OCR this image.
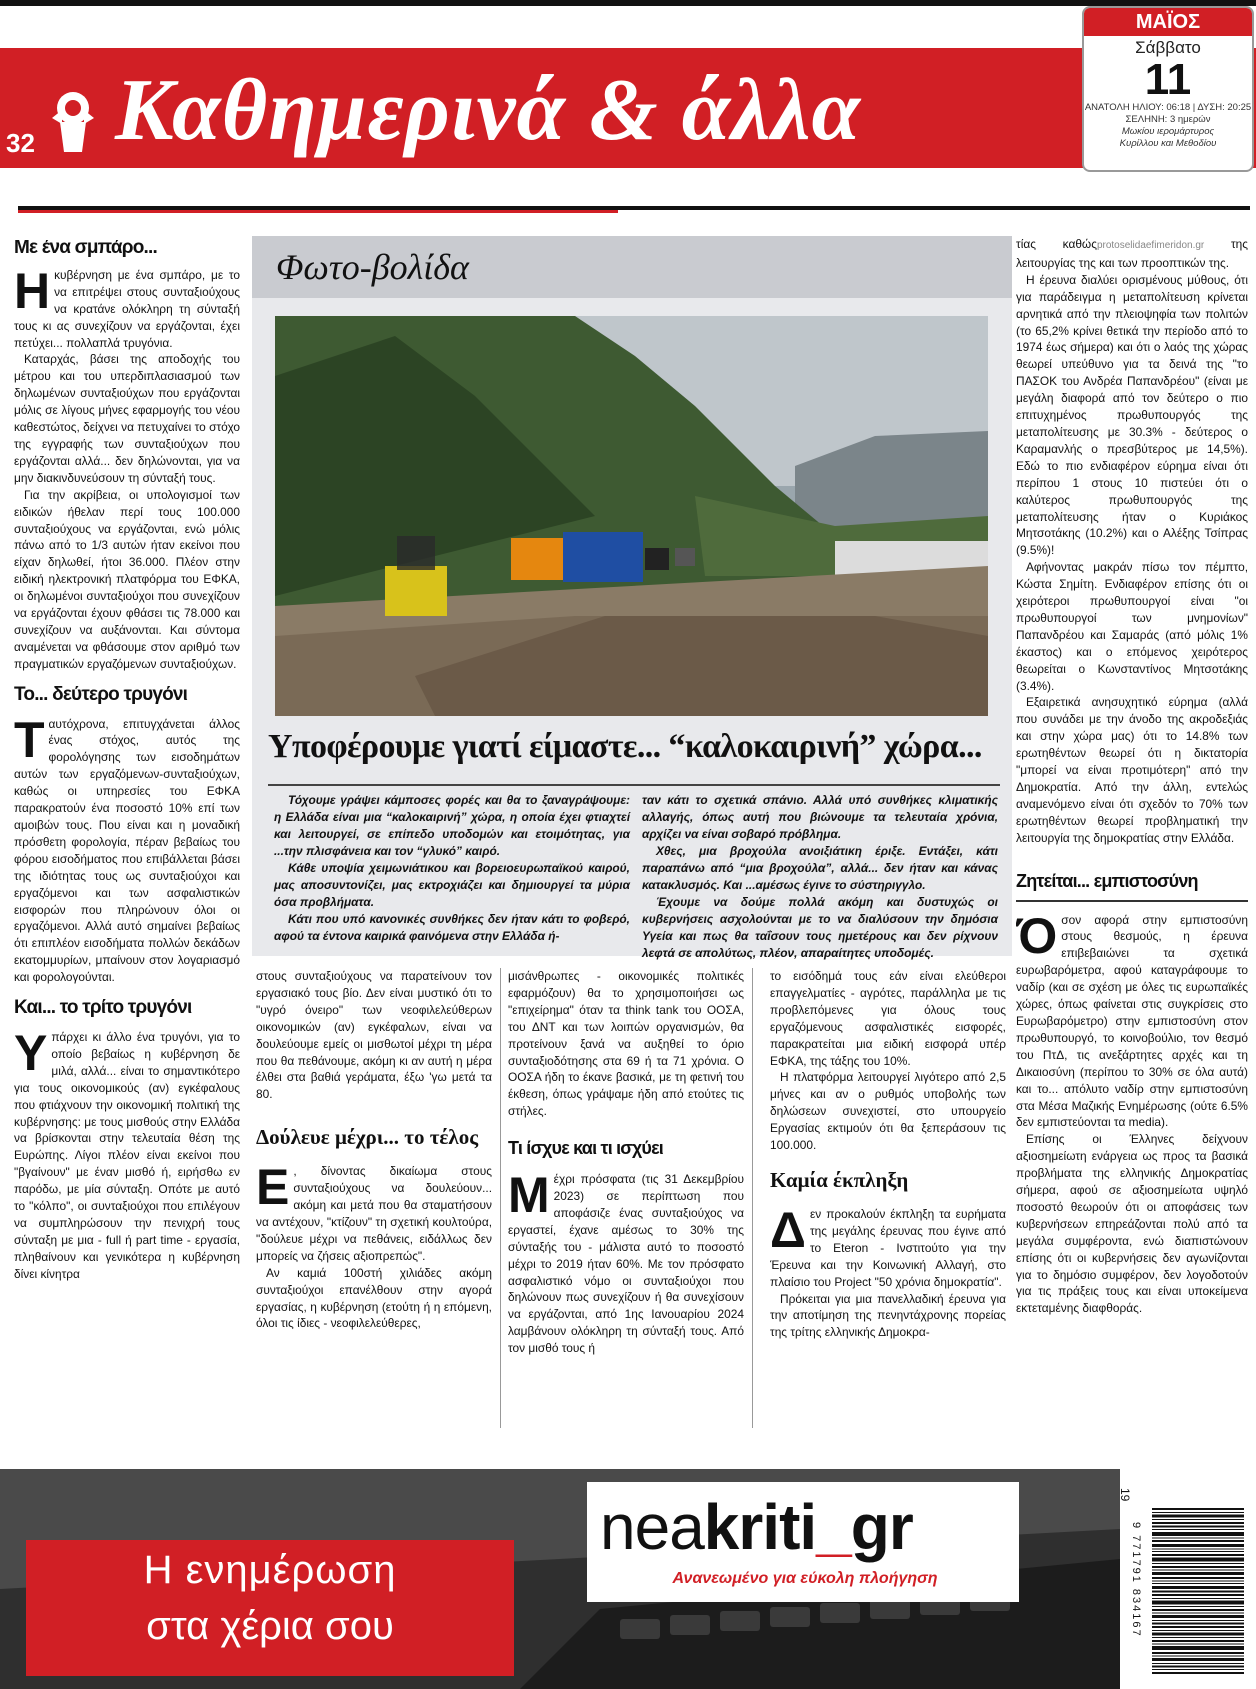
32 Καθημερινά & άλλα
ΜΑΪΟΣ
Σάββατο
11
ΑΝΑΤΟΛΗ ΗΛΙΟΥ: 06:18 | ΔΥΣΗ: 20:25
ΣΕΛΗΝΗ: 3 ημερών
Μωκίου ιερομάρτυρος
Κυρίλλου και Μεθοδίου
Με ένα σμπάρο...

Ηκυβέρνηση με ένα σμπάρο, με το να επιτρέψει στους συνταξιούχους να κρατάνε ολόκληρη τη σύνταξή τους κι ας συνεχίζουν να εργάζονται, έχει πετύχει... πολλαπλά τρυγόνια.

Καταρχάς, βάσει της αποδοχής του μέτρου και του υπερδιπλασιασμού των δηλωμένων συνταξιούχων που εργάζονται μόλις σε λίγους μήνες εφαρμογής του νέου καθεστώτος, δείχνει να πετυχαίνει το στόχο της εγγραφής των συνταξιούχων που εργάζονται αλλά... δεν δηλώνονται, για να μην διακινδυνεύσουν τη σύνταξή τους.

Για την ακρίβεια, οι υπολογισμοί των ειδικών ήθελαν περί τους 100.000 συνταξιούχους να εργάζονται, ενώ μόλις πάνω από το 1/3 αυτών ήταν εκείνοι που είχαν δηλωθεί, ήτοι 36.000. Πλέον στην ειδική ηλεκτρονική πλατφόρμα του ΕΦΚΑ, οι δηλωμένοι συνταξιούχοι που συνεχίζουν να εργάζονται έχουν φθάσει τις 78.000 και συνεχίζουν να αυξάνονται. Και σύντομα αναμένεται να φθάσουμε στον αριθμό των πραγματικών εργαζόμενων συνταξιούχων.

Το... δεύτερο τρυγόνι

Ταυτόχρονα, επιτυγχάνεται άλλος ένας στόχος, αυτός της φορολόγησης των εισοδημάτων αυτών των εργαζόμενων-συνταξιούχων, καθώς οι υπηρεσίες του ΕΦΚΑ παρακρατούν ένα ποσοστό 10% επί των αμοιβών τους. Που είναι και η μοναδική πρόσθετη φορολογία, πέραν βεβαίως του φόρου εισοδήματος που επιβάλλεται βάσει της ιδιότητας τους ως συνταξιούχοι και εργαζόμενοι και των ασφαλιστικών εισφορών που πληρώνουν όλοι οι εργαζόμενοι. Αλλά αυτό σημαίνει βεβαίως ότι επιπλέον εισοδήματα πολλών δεκάδων εκατομμυρίων, μπαίνουν στον λογαριασμό και φορολογούνται.

Και... το τρίτο τρυγόνι

Υπάρχει κι άλλο ένα τρυγόνι, για το οποίο βεβαίως η κυβέρνηση δε μιλά, αλλά... είναι το σημαντικότερο για τους οικονομικούς (αν) εγκέφαλους που φτιάχνουν την οικονομική πολιτική της κυβέρνησης: με τους μισθούς στην Ελλάδα να βρίσκονται στην τελευταία θέση της Ευρώπης. Λίγοι πλέον είναι εκείνοι που "βγαίνουν" με έναν μισθό ή, ειρήσθω εν παρόδω, με μία σύνταξη. Οπότε με αυτό το "κόλπο", οι συνταξιούχοι που επιλέγουν να συμπληρώσουν την πενιχρή τους σύνταξη με μια - full ή part time - εργασία, πληθαίνουν και γενικότερα η κυβέρνηση δίνει κίνητρα

Φωτο-βολίδα
Υποφέρουμε γιατί είμαστε... “καλοκαιρινή” χώρα...

Τόχουμε γράψει κάμποσες φορές και θα το ξαναγράψουμε: η Ελλάδα είναι μια “καλοκαιρινή” χώρα, η οποία έχει φτιαχτεί και λειτουργεί, σε επίπεδο υποδομών και ετοιμότητας, για ...την πλισφάνεια και τον “γλυκό” καιρό.

Κάθε υποψία χειμωνιάτικου και βορειοευρωπαϊκού καιρού, μας αποσυντονίζει, μας εκτροχιάζει και δημιουργεί τα μύρια όσα προβλήματα.

Κάτι που υπό κανονικές συνθήκες δεν ήταν κάτι το φοβερό, αφού τα έντονα καιρικά φαινόμενα στην Ελλάδα ή-

ταν κάτι το σχετικά σπάνιο. Αλλά υπό συνθήκες κλιματικής αλλαγής, όπως αυτή που βιώνουμε τα τελευταία χρόνια, αρχίζει να είναι σοβαρό πρόβλημα.

Χθες, μια βροχούλα ανοιξιάτικη έριξε. Εντάξει, κάτι παραπάνω από “μια βροχούλα”, αλλά... δεν ήταν και κάνας κατακλυσμός. Και ...αμέσως έγινε το σύστηριγγλο.

Έχουμε να δούμε πολλά ακόμη και δυστυχώς οι κυβερνήσεις ασχολούνται με το να διαλύσουν την δημόσια Υγεία και πως θα ταΐσουν τους ημετέρους και δεν ρίχνουν λεφτά σε απολύτως, πλέον, απαραίτητες υποδομές.

στους συνταξιούχους να παρατείνουν τον εργασιακό τους βίο. Δεν είναι μυστικό ότι το "υγρό όνειρο" των νεοφιλελεύθερων οικονομικών (αν) εγκέφαλων, είναι να δουλεύουμε εμείς οι μισθωτοί μέχρι τη μέρα που θα πεθάνουμε, ακόμη κι αν αυτή η μέρα έλθει στα βαθιά γεράματα, έξω 'γω μετά τα 80.

Δούλευε μέχρι... το τέλος

Ε , δίνοντας δικαίωμα στους συνταξιούχους να δουλεύουν... ακόμη και μετά που θα σταματήσουν να αντέχουν, "κτίζουν" τη σχετική κουλτούρα, "δούλευε μέχρι να πεθάνεις, ειδάλλως δεν μπορείς να ζήσεις αξιοπρεπώς".

Αν καμιά 100στή χιλιάδες ακόμη συνταξιούχοι επανέλθουν στην αγορά εργασίας, η κυβέρνηση (ετούτη ή η επόμενη, όλοι τις ίδιες - νεοφιλελεύθερες,

μισάνθρωπες - οικονομικές πολιτικές εφαρμόζουν) θα το χρησιμοποιήσει ως "επιχείρημα" όταν τα think tank του ΟΟΣΑ, του ΔΝΤ και των λοιπών οργανισμών, θα προτείνουν ξανά να αυξηθεί το όριο συνταξιοδότησης στα 69 ή τα 71 χρόνια. Ο ΟΟΣΑ ήδη το έκανε βασικά, με τη φετινή του έκθεση, όπως γράψαμε ήδη από ετούτες τις στήλες.

Τι ίσχυε και τι ισχύει

Μέχρι πρόσφατα (τις 31 Δεκεμβρίου 2023) σε περίπτωση που αποφάσιζε ένας συνταξιούχος να εργαστεί, έχανε αμέσως το 30% της σύνταξής του - μάλιστα αυτό το ποσοστό μέχρι το 2019 ήταν 60%. Με τον πρόσφατο ασφαλιστικό νόμο οι συνταξιούχοι που δηλώνουν πως συνεχίζουν ή θα συνεχίσουν να εργάζονται, από 1ης Ιανουαρίου 2024 λαμβάνουν ολόκληρη τη σύνταξή τους. Από τον μισθό τους ή

το εισόδημά τους εάν είναι ελεύθεροι επαγγελματίες - αγρότες, παράλληλα με τις προβλεπόμενες για όλους τους εργαζόμενους ασφαλιστικές εισφορές, παρακρατείται μια ειδική εισφορά υπέρ ΕΦΚΑ, της τάξης του 10%.

Η πλατφόρμα λειτουργεί λιγότερο από 2,5 μήνες και αν ο ρυθμός υποβολής των δηλώσεων συνεχιστεί, στο υπουργείο Εργασίας εκτιμούν ότι θα ξεπεράσουν τις 100.000.

Καμία έκπληξη

Δεν προκαλούν έκπληξη τα ευρήματα της μεγάλης έρευνας που έγινε από το Eteron - Ινστιτούτο για την Έρευνα και την Κοινωνική Αλλαγή, στο πλαίσιο του Project "50 χρόνια δημοκρατία".

Πρόκειται για μια πανελλαδική έρευνα για την αποτίμηση της πενηντάχρονης πορείας της τρίτης ελληνικής Δημοκρα-

τίας καθώςprotoselidaefimeridon.gr της λειτουργίας της και των προοπτικών της.

Η έρευνα διαλύει ορισμένους μύθους, ότι για παράδειγμα η μεταπολίτευση κρίνεται αρνητικά από την πλειοψηφία των πολιτών (το 65,2% κρίνει θετικά την περίοδο από το 1974 έως σήμερα) και ότι ο λαός της χώρας θεωρεί υπεύθυνο για τα δεινά της "το ΠΑΣΟΚ του Ανδρέα Παπανδρέου" (είναι με μεγάλη διαφορά από τον δεύτερο ο πιο επιτυχημένος πρωθυπουργός της μεταπολίτευσης με 30.3% - δεύτερος ο Καραμανλής ο πρεσβύτερος με 14,5%). Εδώ το πιο ενδιαφέρον εύρημα είναι ότι περίπου 1 στους 10 πιστεύει ότι ο καλύτερος πρωθυπουργός της μεταπολίτευσης ήταν ο Κυριάκος Μητσοτάκης (10.2%) και ο Αλέξης Τσίπρας (9.5%)!

Αφήνοντας μακράν πίσω τον πέμπτο, Κώστα Σημίτη. Ενδιαφέρον επίσης ότι οι χειρότεροι πρωθυπουργοί είναι "οι πρωθυπουργοί των μνημονίων" Παπανδρέου και Σαμαράς (από μόλις 1% έκαστος) και ο επόμενος χειρότερος θεωρείται ο Κωνσταντίνος Μητσοτάκης (3.4%).

Εξαιρετικά ανησυχητικό εύρημα (αλλά που συνάδει με την άνοδο της ακροδεξιάς και στην χώρα μας) ότι το 14.8% των ερωτηθέντων θεωρεί ότι η δικτατορία "μπορεί να είναι προτιμότερη" από την Δημοκρατία. Από την άλλη, εντελώς αναμενόμενο είναι ότι σχεδόν το 70% των ερωτηθέντων θεωρεί προβληματική την λειτουργία της δημοκρατίας στην Ελλάδα.

Ζητείται... εμπιστοσύνη

Όσον αφορά στην εμπιστοσύνη στους θεσμούς, η έρευνα επιβεβαιώνει τα σχετικά ευρωβαρόμετρα, αφού καταγράφουμε το ναδίρ (και σε σχέση με όλες τις ευρωπαϊκές χώρες, όπως φαίνεται στις συγκρίσεις στο Ευρωβαρόμετρο) στην εμπιστοσύνη στον πρωθυπουργό, το κοινοβούλιο, τον θεσμό του ΠτΔ, τις ανεξάρτητες αρχές και τη Δικαιοσύνη (περίπου το 30% σε όλα αυτά) και το... απόλυτο ναδίρ στην εμπιστοσύνη στα Μέσα Μαζικής Ενημέρωσης (ούτε 6.5% δεν εμπιστεύονται τα media).

Επίσης οι Έλληνες δείχνουν αξιοσημείωτη ενάργεια ως προς τα βασικά προβλήματα της ελληνικής Δημοκρατίας σήμερα, αφού σε αξιοσημείωτα υψηλό ποσοστό θεωρούν ότι οι αποφάσεις των κυβερνήσεων επηρεάζονται πολύ από τα μεγάλα συμφέροντα, ενώ διαπιστώνουν επίσης ότι οι κυβερνήσεις δεν αγωνίζονται για το δημόσιο συμφέρον, δεν λογοδοτούν για τις πράξεις τους και είναι υποκείμενα εκτεταμένης διαφθοράς.

Η ενημέρωση
στα χέρια σου
neakriti_gr
Ανανεωμένο για εύκολη πλοήγηση
19
9 771791 834167
